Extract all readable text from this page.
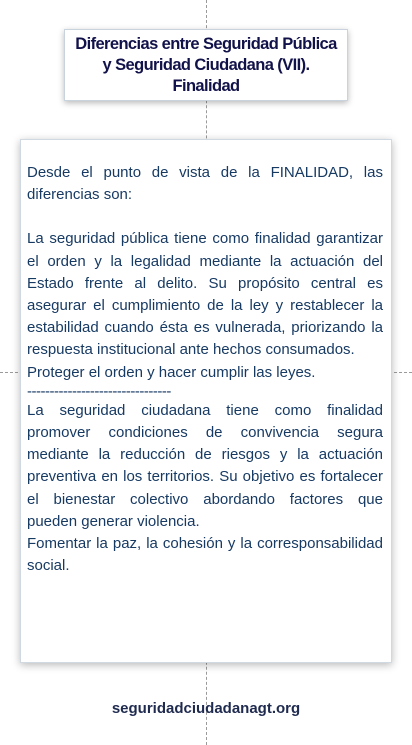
Diferencias entre Seguridad Pública
y Seguridad Ciudadana (VII).
Finalidad

Desde el punto de vista de la FINALIDAD, las diferencias son:

La seguridad pública tiene como finalidad garantizar el orden y la legalidad mediante la actuación del Estado frente al delito. Su propósito central es asegurar el cumplimiento de la ley y restablecer la estabilidad cuando ésta es vulnerada, priorizando la respuesta institucional ante hechos consumados.

Proteger el orden y hacer cumplir las leyes.

--------------------------------

La seguridad ciudadana tiene como finalidad promover condiciones de convivencia segura mediante la reducción de riesgos y la actuación preventiva en los territorios. Su objetivo es fortalecer el bienestar colectivo abordando factores que pueden generar violencia.

Fomentar la paz, la cohesión y la corresponsabilidad social.

seguridadciudadanagt.org
